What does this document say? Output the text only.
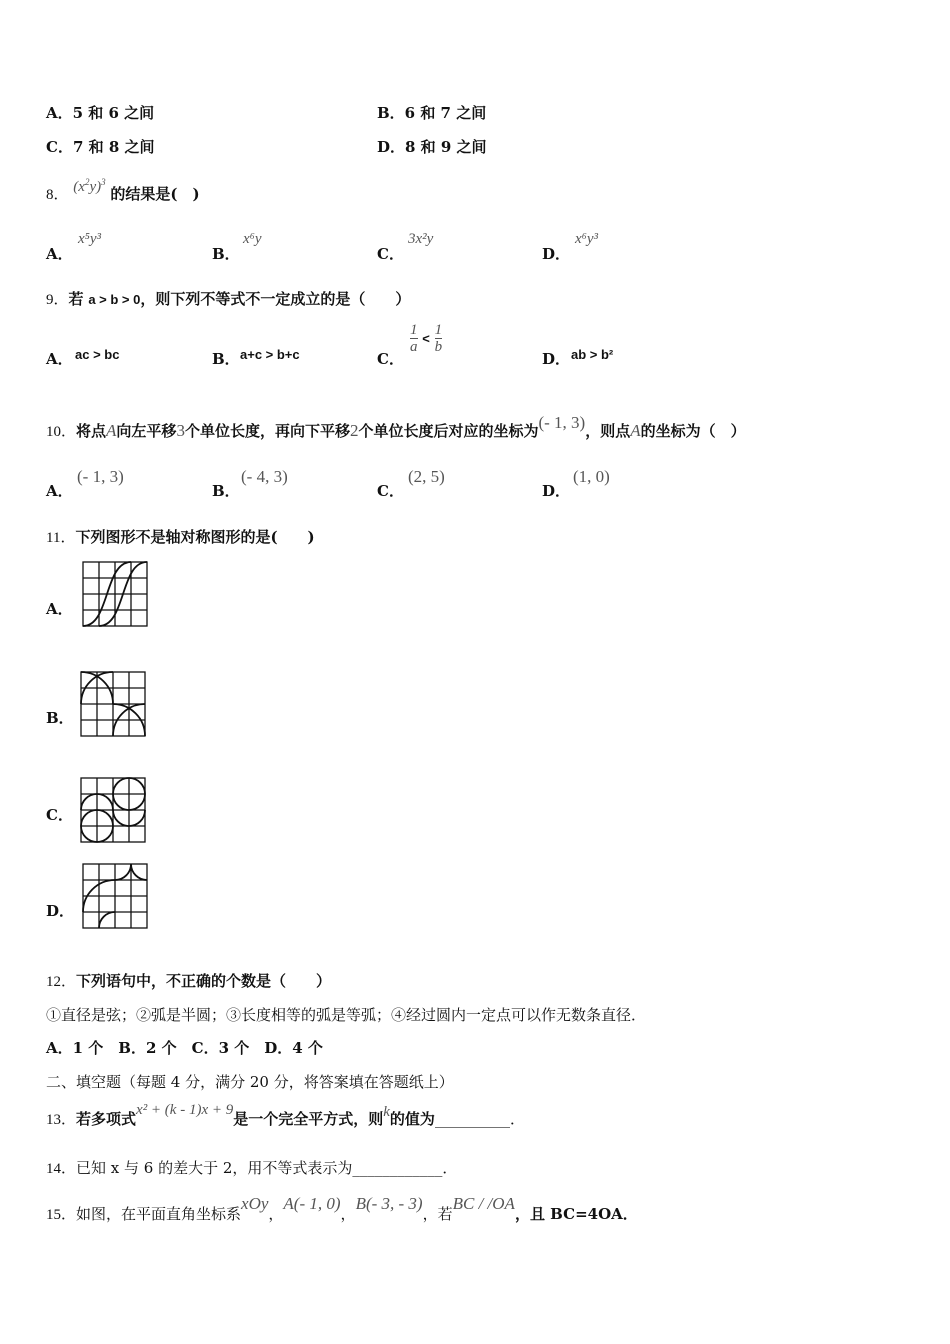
A．5 和 6 之间	B．6 和 7 之间
C．7 和 8 之间	D．8 和 9 之间
8． $(x^2y)^3$ 的结果是(　)
A．
x⁵y³
B．
x⁶y
C．
3x²y
D．
x⁶y³
9．若 a > b > 0，则下列不等式不一定成立的是（　　）
A． ac > bc	B． a+c > b+c	C．
$\frac{1}{a} < \frac{1}{b}$
D． ab > b²
10．将点A向左平移3个单位长度，再向下平移2个单位长度后对应的坐标为(- 1, 3)，则点A的坐标为（　）
A．
(- 1, 3)
B．
(- 4, 3)
C．
(2, 5)
D．
(1, 0)
11．下列图形不是轴对称图形的是(　　)
A．
B．
C．
D．
12．下列语句中，不正确的个数是（　　）
①直径是弦；②弧是半圆；③长度相等的弧是等弧；④经过圆内一定点可以作无数条直径．
A．1 个　B．2 个　C．3 个　D．4 个
二、填空题（每题 4 分，满分 20 分，将答案填在答题纸上）
13．若多项式x² + (k - 1)x + 9是一个完全平方式，则k的值为__________．
14．已知 x 与 6 的差大于 2，用不等式表示为____________．
15．如图，在平面直角坐标系xOy，A(- 1, 0)，B(- 3, - 3)，若BC / /OA，且 BC=4OA．
